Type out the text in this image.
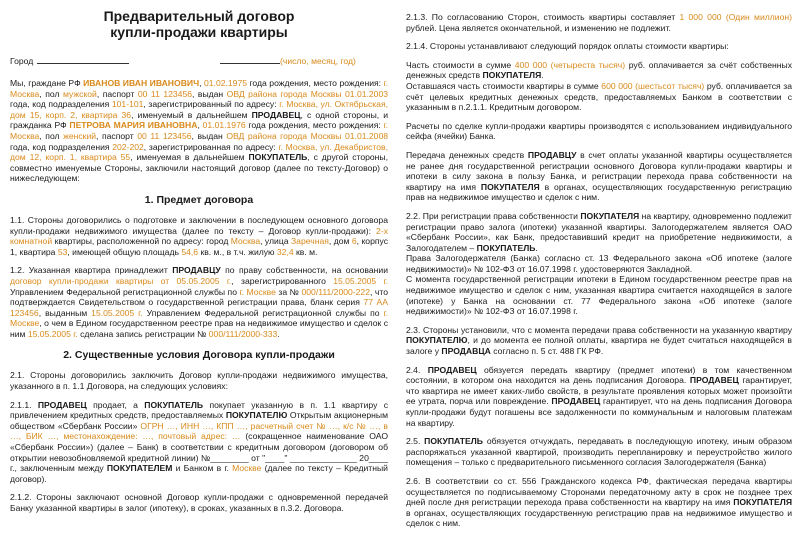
Предварительный договор
купли-продажи квартиры
Город	(число, месяц, год)

Мы, граждане РФ ИВАНОВ ИВАН ИВАНОВИЧ, 01.02.1975 года рождения, место рождения: г. Москва, пол мужской, паспорт 00 11 123456, выдан ОВД района города Москвы 01.01.2003 года, код подразделения 101-101, зарегистрированный по адресу: г. Москва, ул. Октябрьская, дом 15, корп. 2, квартира 36, именуемый в дальнейшем ПРОДАВЕЦ, с одной стороны, и гражданка РФ ПЕТРОВА МАРИЯ ИВАНОВНА, 01.01.1976 года рождения, место рождения: г. Москва, пол женский, паспорт 00 11 123456, выдан ОВД района города Москвы 01.01.2008 года, код подразделения 202-202, зарегистрированная по адресу: г. Москва, ул. Декабристов, дом 12, корп. 1, квартира 55, именуемая в дальнейшем ПОКУПАТЕЛЬ, с другой стороны, совместно именуемые Стороны, заключили настоящий договор (далее по тексту-Договор) о нижеследующем:

1. Предмет договора

1.1. Стороны договорились о подготовке и заключении в последующем основного договора купли-продажи недвижимого имущества (далее по тексту – Договор купли-продажи): 2-х комнатной квартиры, расположенной по адресу: город Москва, улица Заречная, дом 6, корпус 1, квартира 53, имеющей общую площадь 54,6 кв. м., в т.ч. жилую 32,4 кв. м.

1.2. Указанная квартира принадлежит ПРОДАВЦУ по праву собственности, на основании договор купли-продажи квартиры от 05.05.2005 г., зарегистрированного 15.05.2005 г. Управлением Федеральной регистрационной службы по г. Москве за № 000/111/2000-222, что подтверждается Свидетельством о государственной регистрации права, бланк серия 77 АА 123456, выданным 15.05.2005 г. Управлением Федеральной регистрационной службы по г. Москве, о чем в Едином государственном реестре прав на недвижимое имущество и сделок с ним 15.05.2005 г. сделана запись регистрации № 000/111/2000-333.

2. Существенные условия Договора купли-продажи

2.1. Стороны договорились заключить Договор купли-продажи недвижимого имущества, указанного в п. 1.1 Договора, на следующих условиях:

2.1.1. ПРОДАВЕЦ продает, а ПОКУПАТЕЛЬ покупает указанную в п. 1.1 квартиру с привлечением кредитных средств, предоставляемых ПОКУПАТЕЛЮ Открытым акционерным обществом «Сбербанк России» ОГРН …, ИНН …, КПП …, расчетный счет № …, к/с № …, в …, БИК …, местонахождение: …, почтовый адрес: … (сокращенное наименование ОАО «Сбербанк России») (далее – Банк) в соответствии с кредитным договором (договором об открытии невозобновляемой кредитной линии) №________ от "____" ______________ 20____ г., заключенным между ПОКУПАТЕЛЕМ и Банком в г. Москве (далее по тексту – Кредитный договор).

2.1.2. Стороны заключают основной Договор купли-продажи с одновременной передачей Банку указанной квартиры в залог (ипотеку), в сроках, указанных в п.3.2. Договора.

2.1.3. По согласованию Сторон, стоимость квартиры составляет 1 000 000 (Один миллион) рублей. Цена является окончательной, и изменению не подлежит.

2.1.4. Стороны устанавливают следующий порядок оплаты стоимости квартиры:

Часть стоимости в сумме 400 000 (четыреста тысяч) руб. оплачивается за счёт собственных денежных средств ПОКУПАТЕЛЯ.

Оставшаяся часть стоимости квартиры в сумме 600 000 (шестьсот тысяч) руб. оплачивается за счёт целевых кредитных денежных средств, предоставляемых Банком в соответствии с указанным в п.2.1.1. Кредитным договором.

Расчеты по сделке купли-продажи квартиры производятся с использованием индивидуального сейфа (ячейки) Банка.

Передача денежных средств ПРОДАВЦУ в счет оплаты указанной квартиры осуществляется не ранее дня государственной регистрации основного Договора купли-продажи квартиры и ипотеки в силу закона в пользу Банка, и регистрации перехода права собственности на квартиру на имя ПОКУПАТЕЛЯ в органах, осуществляющих государственную регистрацию прав на недвижимое имущество и сделок с ним.

2.2. При регистрации права собственности ПОКУПАТЕЛЯ на квартиру, одновременно подлежит регистрации право залога (ипотеки) указанной квартиры. Залогодержателем является ОАО «Сбербанк России», как Банк, предоставивший кредит на приобретение недвижимости, а Залогодателем – ПОКУПАТЕЛЬ.

Права Залогодержателя (Банка) согласно ст. 13 Федерального закона «Об ипотеке (залоге недвижимости)» № 102-ФЗ от 16.07.1998 г. удостоверяются Закладной.

С момента государственной регистрации ипотеки в Едином государственном реестре прав на недвижимое имущество и сделок с ним, указанная квартира считается находящейся в залоге (ипотеке) у Банка на основании ст. 77 Федерального закона «Об ипотеке (залоге недвижимости)» № 102-ФЗ от 16.07.1998 г.

2.3. Стороны установили, что с момента передачи права собственности на указанную квартиру ПОКУПАТЕЛЮ, и до момента ее полной оплаты, квартира не будет считаться находящейся в залоге у ПРОДАВЦА согласно п. 5 ст. 488 ГК РФ.

2.4. ПРОДАВЕЦ обязуется передать квартиру (предмет ипотеки) в том качественном состоянии, в котором она находится на день подписания Договора. ПРОДАВЕЦ гарантирует, что квартира не имеет каких-либо свойств, в результате проявления которых может произойти ее утрата, порча или повреждение. ПРОДАВЕЦ гарантирует, что на день подписания Договора купли-продажи будут погашены все задолженности по коммунальным и налоговым платежам на квартиру.

2.5. ПОКУПАТЕЛЬ обязуется отчуждать, передавать в последующую ипотеку, иным образом распоряжаться указанной квартирой, производить перепланировку и переустройство жилого помещения – только с предварительного письменного согласия Залогодержателя (Банка)

2.6. В соответствии со ст. 556 Гражданского кодекса РФ, фактическая передача квартиры осуществляется по подписываемому Сторонами передаточному акту в срок не позднее трех дней после дня регистрации перехода права собственности на квартиру на имя ПОКУПАТЕЛЯ в органах, осуществляющих государственную регистрацию прав на недвижимое имущество и сделок с ним.
